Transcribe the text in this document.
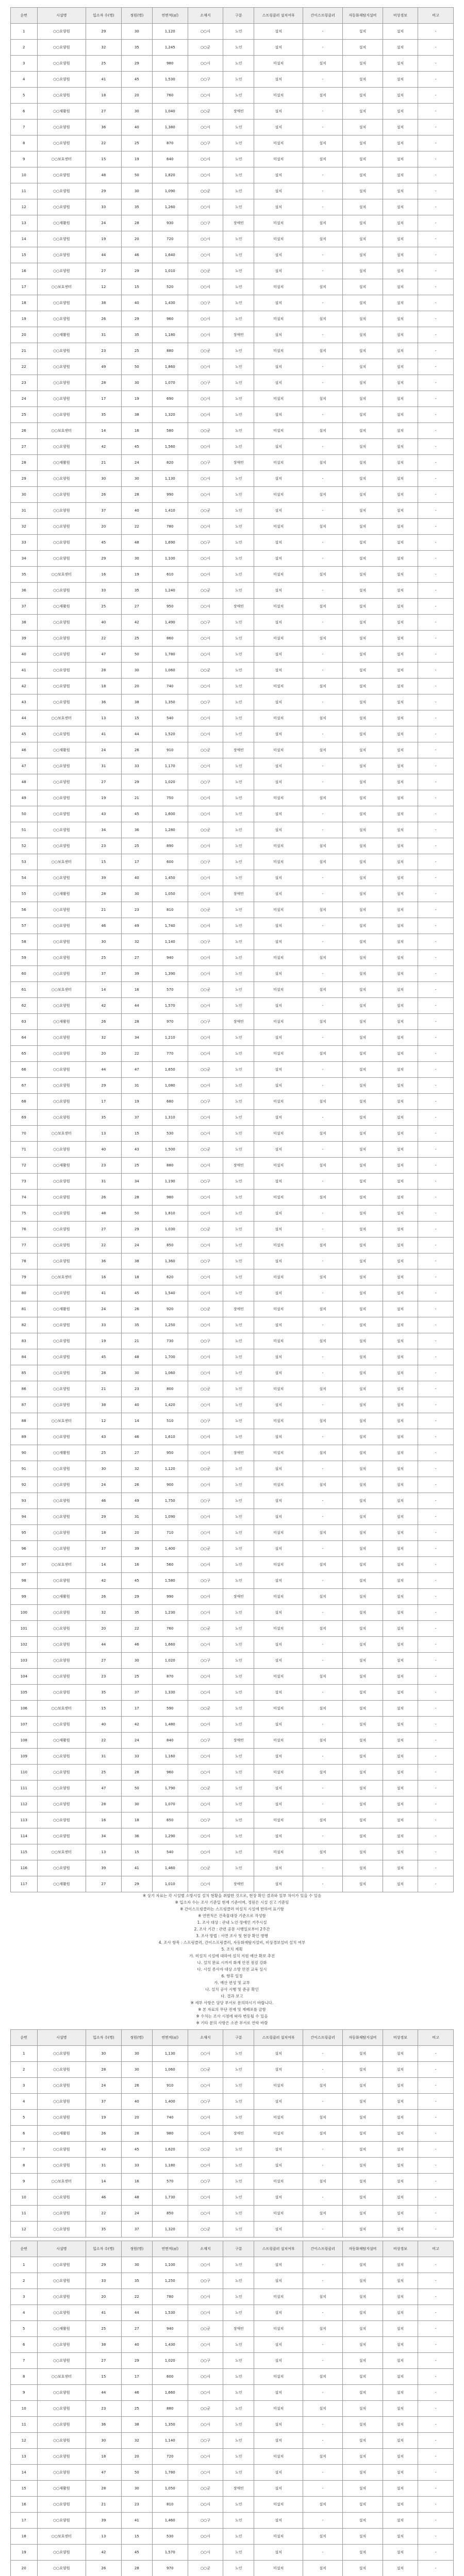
순번	시설명	입소자 수(명)	정원(명)	연면적(㎡)	소재지	구분	스프링클러 설치여부	간이스프링클러	자동화재탐지설비	비상경보	비고
1	○○요양원	29	30	1,120	○○시	노인	설치	-	설치	설치	-
2	○○요양원	32	35	1,245	○○군	노인	설치	-	설치	설치	-
3	○○요양원	25	29	980	○○시	노인	미설치	설치	설치	설치	-
4	○○요양원	41	45	1,530	○○구	노인	설치	-	설치	설치	-
5	○○요양원	18	20	760	○○시	노인	미설치	설치	설치	설치	-
6	○○재활원	27	30	1,040	○○군	장애인	설치	-	설치	설치	-
7	○○요양원	36	40	1,380	○○시	노인	설치	-	설치	설치	-
8	○○요양원	22	25	870	○○구	노인	미설치	설치	설치	설치	-
9	○○보호센터	15	19	640	○○시	노인	미설치	설치	설치	설치	-
10	○○요양원	48	50	1,820	○○시	노인	설치	-	설치	설치	-
11	○○요양원	29	30	1,090	○○군	노인	설치	-	설치	설치	-
12	○○요양원	33	35	1,260	○○시	노인	설치	-	설치	설치	-
13	○○재활원	24	28	930	○○구	장애인	미설치	설치	설치	설치	-
14	○○요양원	19	20	720	○○시	노인	미설치	설치	설치	설치	-
15	○○요양원	44	46	1,640	○○시	노인	설치	-	설치	설치	-
16	○○요양원	27	29	1,010	○○군	노인	설치	-	설치	설치	-
17	○○보호센터	12	15	520	○○시	노인	미설치	설치	설치	설치	-
18	○○요양원	38	40	1,430	○○구	노인	설치	-	설치	설치	-
19	○○요양원	26	29	960	○○시	노인	미설치	설치	설치	설치	-
20	○○재활원	31	35	1,180	○○시	장애인	설치	-	설치	설치	-
21	○○요양원	23	25	880	○○군	노인	미설치	설치	설치	설치	-
22	○○요양원	49	50	1,860	○○시	노인	설치	-	설치	설치	-
23	○○요양원	28	30	1,070	○○구	노인	설치	-	설치	설치	-
24	○○요양원	17	19	690	○○시	노인	미설치	설치	설치	설치	-
25	○○요양원	35	38	1,320	○○시	노인	설치	-	설치	설치	-
26	○○보호센터	14	16	580	○○군	노인	미설치	설치	설치	설치	-
27	○○요양원	42	45	1,560	○○시	노인	설치	-	설치	설치	-
28	○○재활원	21	24	820	○○구	장애인	미설치	설치	설치	설치	-
29	○○요양원	30	30	1,130	○○시	노인	설치	-	설치	설치	-
30	○○요양원	26	28	990	○○시	노인	미설치	설치	설치	설치	-
31	○○요양원	37	40	1,410	○○군	노인	설치	-	설치	설치	-
32	○○요양원	20	22	780	○○시	노인	미설치	설치	설치	설치	-
33	○○요양원	45	48	1,690	○○구	노인	설치	-	설치	설치	-
34	○○요양원	29	30	1,100	○○시	노인	설치	-	설치	설치	-
35	○○보호센터	16	19	610	○○시	노인	미설치	설치	설치	설치	-
36	○○요양원	33	35	1,240	○○군	노인	설치	-	설치	설치	-
37	○○재활원	25	27	950	○○시	장애인	미설치	설치	설치	설치	-
38	○○요양원	40	42	1,490	○○구	노인	설치	-	설치	설치	-
39	○○요양원	22	25	860	○○시	노인	미설치	설치	설치	설치	-
40	○○요양원	47	50	1,780	○○시	노인	설치	-	설치	설치	-
41	○○요양원	28	30	1,060	○○군	노인	설치	-	설치	설치	-
42	○○요양원	18	20	740	○○시	노인	미설치	설치	설치	설치	-
43	○○요양원	36	38	1,350	○○구	노인	설치	-	설치	설치	-
44	○○보호센터	13	15	540	○○시	노인	미설치	설치	설치	설치	-
45	○○요양원	41	44	1,520	○○시	노인	설치	-	설치	설치	-
46	○○재활원	24	26	910	○○군	장애인	미설치	설치	설치	설치	-
47	○○요양원	31	33	1,170	○○시	노인	설치	-	설치	설치	-
48	○○요양원	27	29	1,020	○○구	노인	설치	-	설치	설치	-
49	○○요양원	19	21	750	○○시	노인	미설치	설치	설치	설치	-
50	○○요양원	43	45	1,600	○○시	노인	설치	-	설치	설치	-
51	○○요양원	34	36	1,280	○○군	노인	설치	-	설치	설치	-
52	○○요양원	23	25	890	○○시	노인	미설치	설치	설치	설치	-
53	○○보호센터	15	17	600	○○구	노인	미설치	설치	설치	설치	-
54	○○요양원	39	40	1,450	○○시	노인	설치	-	설치	설치	-
55	○○재활원	28	30	1,050	○○시	장애인	설치	-	설치	설치	-
56	○○요양원	21	23	810	○○군	노인	미설치	설치	설치	설치	-
57	○○요양원	46	49	1,740	○○시	노인	설치	-	설치	설치	-
58	○○요양원	30	32	1,140	○○구	노인	설치	-	설치	설치	-
59	○○요양원	25	27	940	○○시	노인	미설치	설치	설치	설치	-
60	○○요양원	37	39	1,390	○○시	노인	설치	-	설치	설치	-
61	○○보호센터	14	16	570	○○군	노인	미설치	설치	설치	설치	-
62	○○요양원	42	44	1,570	○○시	노인	설치	-	설치	설치	-
63	○○재활원	26	28	970	○○구	장애인	미설치	설치	설치	설치	-
64	○○요양원	32	34	1,210	○○시	노인	설치	-	설치	설치	-
65	○○요양원	20	22	770	○○시	노인	미설치	설치	설치	설치	-
66	○○요양원	44	47	1,650	○○군	노인	설치	-	설치	설치	-
67	○○요양원	29	31	1,080	○○시	노인	설치	-	설치	설치	-
68	○○요양원	17	19	680	○○구	노인	미설치	설치	설치	설치	-
69	○○요양원	35	37	1,310	○○시	노인	설치	-	설치	설치	-
70	○○보호센터	13	15	530	○○시	노인	미설치	설치	설치	설치	-
71	○○요양원	40	43	1,500	○○군	노인	설치	-	설치	설치	-
72	○○재활원	23	25	880	○○시	장애인	미설치	설치	설치	설치	-
73	○○요양원	31	34	1,190	○○구	노인	설치	-	설치	설치	-
74	○○요양원	26	28	980	○○시	노인	미설치	설치	설치	설치	-
75	○○요양원	48	50	1,810	○○시	노인	설치	-	설치	설치	-
76	○○요양원	27	29	1,030	○○군	노인	설치	-	설치	설치	-
77	○○요양원	22	24	850	○○시	노인	미설치	설치	설치	설치	-
78	○○요양원	36	38	1,360	○○구	노인	설치	-	설치	설치	-
79	○○보호센터	16	18	620	○○시	노인	미설치	설치	설치	설치	-
80	○○요양원	41	45	1,540	○○시	노인	설치	-	설치	설치	-
81	○○재활원	24	26	920	○○군	장애인	미설치	설치	설치	설치	-
82	○○요양원	33	35	1,250	○○시	노인	설치	-	설치	설치	-
83	○○요양원	19	21	730	○○구	노인	미설치	설치	설치	설치	-
84	○○요양원	45	48	1,700	○○시	노인	설치	-	설치	설치	-
85	○○요양원	28	30	1,060	○○시	노인	설치	-	설치	설치	-
86	○○요양원	21	23	800	○○군	노인	미설치	설치	설치	설치	-
87	○○요양원	38	40	1,420	○○시	노인	설치	-	설치	설치	-
88	○○보호센터	12	14	510	○○구	노인	미설치	설치	설치	설치	-
89	○○요양원	43	46	1,610	○○시	노인	설치	-	설치	설치	-
90	○○재활원	25	27	950	○○시	장애인	미설치	설치	설치	설치	-
91	○○요양원	30	32	1,120	○○군	노인	설치	-	설치	설치	-
92	○○요양원	24	26	900	○○시	노인	미설치	설치	설치	설치	-
93	○○요양원	46	49	1,750	○○구	노인	설치	-	설치	설치	-
94	○○요양원	29	31	1,090	○○시	노인	설치	-	설치	설치	-
95	○○요양원	18	20	710	○○시	노인	미설치	설치	설치	설치	-
96	○○요양원	37	39	1,400	○○군	노인	설치	-	설치	설치	-
97	○○보호센터	14	16	560	○○시	노인	미설치	설치	설치	설치	-
98	○○요양원	42	45	1,580	○○구	노인	설치	-	설치	설치	-
99	○○재활원	26	29	990	○○시	장애인	미설치	설치	설치	설치	-
100	○○요양원	32	35	1,230	○○시	노인	설치	-	설치	설치	-
101	○○요양원	20	22	760	○○군	노인	미설치	설치	설치	설치	-
102	○○요양원	44	46	1,660	○○시	노인	설치	-	설치	설치	-
103	○○요양원	27	30	1,020	○○구	노인	설치	-	설치	설치	-
104	○○요양원	23	25	870	○○시	노인	미설치	설치	설치	설치	-
105	○○요양원	35	37	1,330	○○시	노인	설치	-	설치	설치	-
106	○○보호센터	15	17	590	○○군	노인	미설치	설치	설치	설치	-
107	○○요양원	40	42	1,480	○○시	노인	설치	-	설치	설치	-
108	○○재활원	22	24	840	○○구	장애인	미설치	설치	설치	설치	-
109	○○요양원	31	33	1,160	○○시	노인	설치	-	설치	설치	-
110	○○요양원	25	28	960	○○시	노인	미설치	설치	설치	설치	-
111	○○요양원	47	50	1,790	○○군	노인	설치	-	설치	설치	-
112	○○요양원	28	30	1,070	○○시	노인	설치	-	설치	설치	-
113	○○요양원	16	18	650	○○구	노인	미설치	설치	설치	설치	-
114	○○요양원	34	36	1,290	○○시	노인	설치	-	설치	설치	-
115	○○보호센터	13	15	540	○○시	노인	미설치	설치	설치	설치	-
116	○○요양원	39	41	1,460	○○군	노인	설치	-	설치	설치	-
117	○○재활원	27	29	1,010	○○시	장애인	설치	-	설치	설치	-
※ 상기 자료는 각 시설별 소방시설 설치 현황을 취합한 것으로, 현장 확인 결과와 일부 차이가 있을 수 있음
※ 입소자 수는 조사 기준일 현재 기준이며, 정원은 시설 신고 기준임
※ 간이스프링클러는 스프링클러 미설치 시설에 한하여 표기함
※ 연면적은 건축물대장 기준으로 작성함
1. 조사 대상 : 관내 노인·장애인 거주시설
2. 조사 기간 : 관련 공문 시행일로부터 2주간
3. 조사 방법 : 서면 조사 및 현장 확인 병행
4. 조사 항목 : 스프링클러, 간이스프링클러, 자동화재탐지설비, 비상경보설비 설치 여부
5. 조치 계획
가. 미설치 시설에 대하여 설치 지원 예산 확보 추진
나. 설치 완료 시까지 화재 안전 점검 강화
다. 시설 종사자 대상 소방 안전 교육 실시
6. 향후 일정
가. 예산 편성 및 교부
나. 설치 공사 시행 및 준공 확인
다. 결과 보고
※ 세부 사항은 담당 부서로 문의하시기 바랍니다.
※ 본 자료의 무단 전재 및 재배포를 금함
※ 수치는 조사 시점에 따라 변동될 수 있음
※ 기타 문의 사항은 소관 부서로 연락 바람
순번	시설명	입소자 수(명)	정원(명)	연면적(㎡)	소재지	구분	스프링클러 설치여부	간이스프링클러	자동화재탐지설비	비상경보	비고
1	○○요양원	30	30	1,130	○○시	노인	설치	-	설치	설치	-
2	○○요양원	28	30	1,060	○○군	노인	설치	-	설치	설치	-
3	○○요양원	24	26	910	○○시	노인	미설치	설치	설치	설치	-
4	○○요양원	37	40	1,400	○○구	노인	설치	-	설치	설치	-
5	○○요양원	19	20	740	○○시	노인	미설치	설치	설치	설치	-
6	○○재활원	26	28	980	○○시	장애인	미설치	설치	설치	설치	-
7	○○요양원	43	45	1,620	○○군	노인	설치	-	설치	설치	-
8	○○요양원	31	33	1,180	○○시	노인	설치	-	설치	설치	-
9	○○보호센터	14	16	570	○○구	노인	미설치	설치	설치	설치	-
10	○○요양원	46	48	1,730	○○시	노인	설치	-	설치	설치	-
11	○○요양원	22	24	850	○○시	노인	미설치	설치	설치	설치	-
12	○○요양원	35	37	1,320	○○군	노인	설치	-	설치	설치	-
순번	시설명	입소자 수(명)	정원(명)	연면적(㎡)	소재지	구분	스프링클러 설치여부	간이스프링클러	자동화재탐지설비	비상경보	비고
1	○○요양원	29	30	1,100	○○시	노인	설치	-	설치	설치	-
2	○○요양원	33	35	1,250	○○구	노인	설치	-	설치	설치	-
3	○○요양원	20	22	780	○○시	노인	미설치	설치	설치	설치	-
4	○○요양원	41	44	1,530	○○시	노인	설치	-	설치	설치	-
5	○○재활원	25	27	940	○○군	장애인	미설치	설치	설치	설치	-
6	○○요양원	38	40	1,430	○○시	노인	설치	-	설치	설치	-
7	○○요양원	27	29	1,020	○○구	노인	설치	-	설치	설치	-
8	○○보호센터	15	17	600	○○시	노인	미설치	설치	설치	설치	-
9	○○요양원	44	46	1,660	○○시	노인	설치	-	설치	설치	-
10	○○요양원	23	25	880	○○군	노인	미설치	설치	설치	설치	-
11	○○요양원	36	38	1,350	○○시	노인	설치	-	설치	설치	-
12	○○요양원	30	32	1,140	○○구	노인	설치	-	설치	설치	-
13	○○요양원	18	20	720	○○시	노인	미설치	설치	설치	설치	-
14	○○요양원	47	50	1,780	○○시	노인	설치	-	설치	설치	-
15	○○재활원	28	30	1,050	○○군	장애인	설치	-	설치	설치	-
16	○○요양원	21	23	810	○○시	노인	미설치	설치	설치	설치	-
17	○○요양원	39	41	1,460	○○구	노인	설치	-	설치	설치	-
18	○○보호센터	13	15	530	○○시	노인	미설치	설치	설치	설치	-
19	○○요양원	42	45	1,570	○○시	노인	설치	-	설치	설치	-
20	○○요양원	26	28	970	○○군	노인	미설치	설치	설치	설치	-
